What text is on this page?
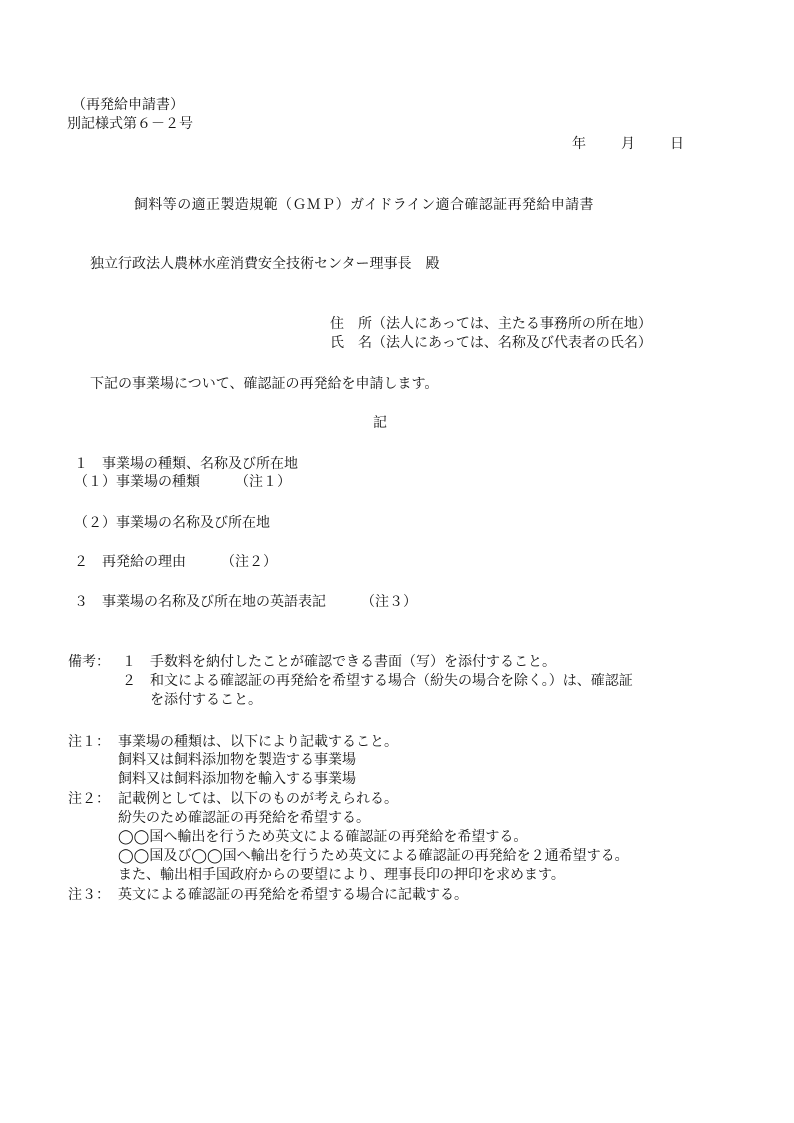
（再発給申請書）
別記様式第６－２号
年	月	日
飼料等の適正製造規範（ＧＭＰ）ガイドライン適合確認証再発給申請書
独立行政法人農林水産消費安全技術センター理事長　殿
住　所（法人にあっては、主たる事務所の所在地）
氏　名（法人にあっては、名称及び代表者の氏名）
下記の事業場について、確認証の再発給を申請します。
記
１　事業場の種類、名称及び所在地
（１）事業場の種類　　　（注１）
（２）事業場の名称及び所在地
２　再発給の理由　　　（注２）
３　事業場の名称及び所在地の英語表記　　　（注３）
備考： １ 手数料を納付したことが確認できる書面（写）を添付すること。
２ 和文による確認証の再発給を希望する場合（紛失の場合を除く。）は、確認証
を添付すること。
注１： 事業場の種類は、以下により記載すること。
飼料又は飼料添加物を製造する事業場
飼料又は飼料添加物を輸入する事業場
注２： 記載例としては、以下のものが考えられる。
紛失のため確認証の再発給を希望する。
◯◯国へ輸出を行うため英文による確認証の再発給を希望する。
◯◯国及び◯◯国へ輸出を行うため英文による確認証の再発給を２通希望する。
また、輸出相手国政府からの要望により、理事長印の押印を求めます。
注３： 英文による確認証の再発給を希望する場合に記載する。
